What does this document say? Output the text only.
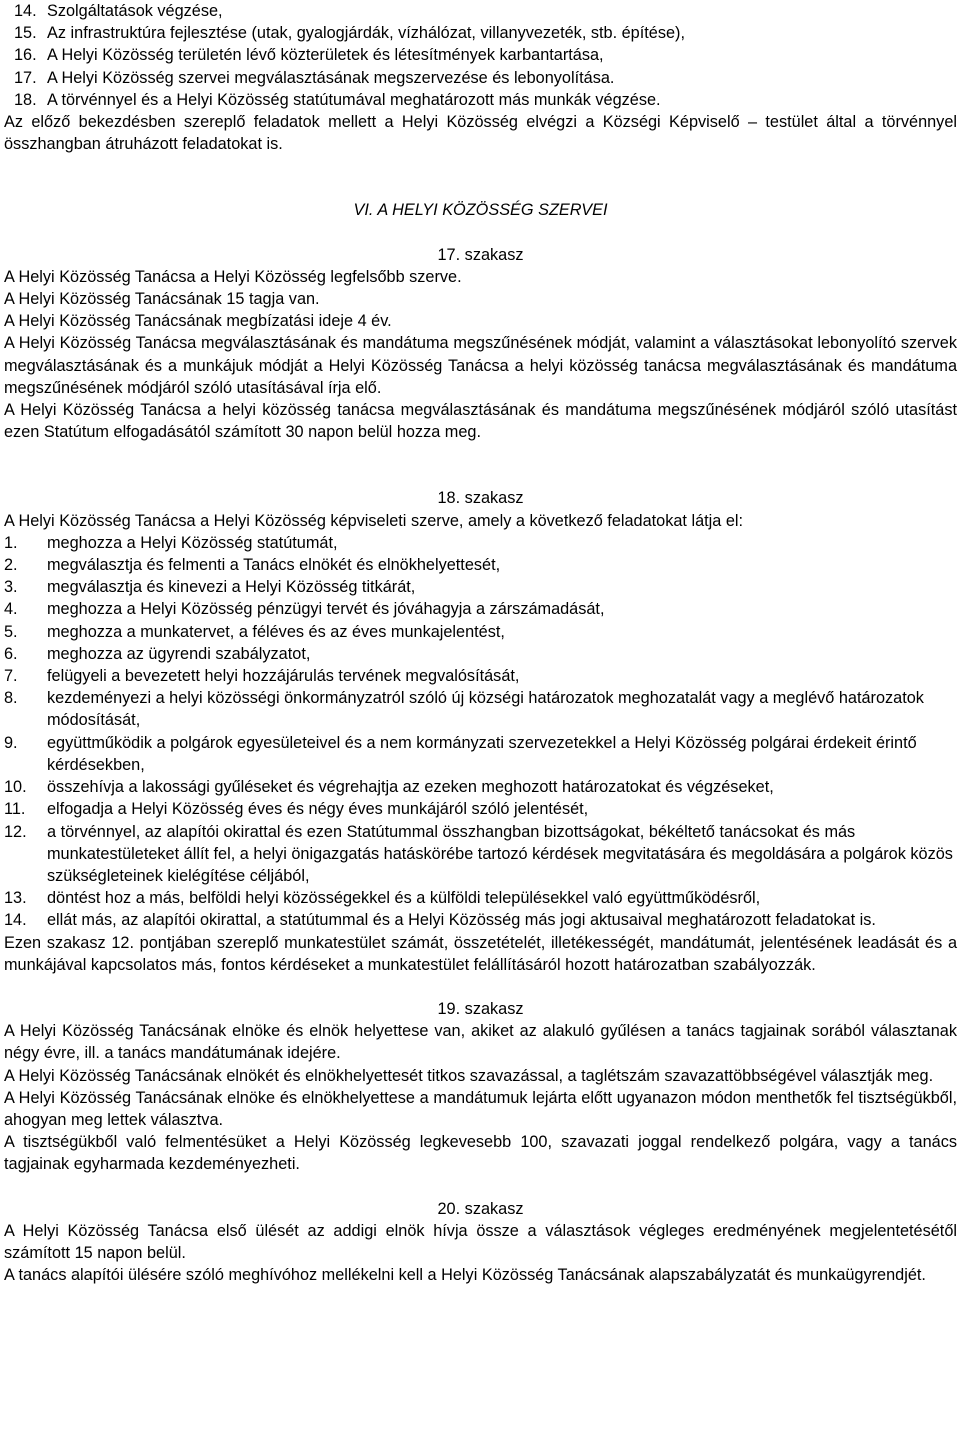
14. Szolgáltatások végzése,

15. Az infrastruktúra fejlesztése (utak, gyalogjárdák, vízhálózat, villanyvezeték, stb. építése),

16. A Helyi Közösség területén lévő közterületek és létesítmények karbantartása,

17. A Helyi Közösség szervei megválasztásának megszervezése és lebonyolítása.

18. A törvénnyel és a Helyi Közösség statútumával meghatározott más munkák végzése.

Az előző bekezdésben szereplő feladatok mellett a Helyi Közösség elvégzi a Községi Képviselő – testület által a törvénnyel összhangban átruházott feladatokat is.

VI. A HELYI KÖZÖSSÉG SZERVEI

17. szakasz

A Helyi Közösség Tanácsa a Helyi Közösség legfelsőbb szerve.

A Helyi Közösség Tanácsának 15 tagja van.

A Helyi Közösség Tanácsának megbízatási ideje 4 év.

A Helyi Közösség Tanácsa megválasztásának és mandátuma megszűnésének módját, valamint a választásokat lebonyolító szervek megválasztásának és a munkájuk módját a Helyi Közösség Tanácsa a helyi közösség tanácsa megválasztásának és mandátuma megszűnésének módjáról szóló utasításával írja elő.

A Helyi Közösség Tanácsa a helyi közösség tanácsa megválasztásának és mandátuma megszűnésének módjáról szóló utasítást ezen Statútum elfogadásától számított 30 napon belül hozza meg.

18. szakasz

A Helyi Közösség Tanácsa a Helyi Közösség képviseleti szerve, amely a következő feladatokat látja el:

1.	meghozza a Helyi Közösség statútumát,

2.	megválasztja és felmenti a Tanács elnökét és elnökhelyettesét,

3.	megválasztja és kinevezi a Helyi Közösség titkárát,

4.	meghozza a Helyi Közösség pénzügyi tervét és jóváhagyja a zárszámadását,

5.	meghozza a munkatervet, a féléves és az éves munkajelentést,

6.	meghozza az ügyrendi szabályzatot,

7.	felügyeli a bevezetett helyi hozzájárulás tervének megvalósítását,

8.	kezdeményezi a helyi közösségi önkormányzatról szóló új községi határozatok meghozatalát vagy a meglévő határozatok módosítását,

9.	együttműködik a polgárok egyesületeivel és a nem kormányzati szervezetekkel a Helyi Közösség polgárai érdekeit érintő kérdésekben,

10.	összehívja a lakossági gyűléseket és végrehajtja az ezeken meghozott határozatokat és végzéseket,

11.	elfogadja a Helyi Közösség éves és négy éves munkájáról szóló jelentését,

12.	a törvénnyel, az alapítói okirattal és ezen Statútummal összhangban bizottságokat, békéltető tanácsokat és más munkatestületeket állít fel, a helyi önigazgatás hatáskörébe tartozó kérdések megvitatására és megoldására a polgárok közös szükségleteinek kielégítése céljából,

13.	döntést hoz a más, belföldi helyi közösségekkel és a külföldi településekkel való együttműködésről,

14.	ellát más, az alapítói okirattal, a statútummal és a Helyi Közösség más jogi aktusaival meghatározott feladatokat is.

Ezen szakasz 12. pontjában szereplő munkatestület számát, összetételét, illetékességét, mandátumát, jelentésének leadását és a munkájával kapcsolatos más, fontos kérdéseket a munkatestület felállításáról hozott határozatban szabályozzák.

19. szakasz

A Helyi Közösség Tanácsának elnöke és elnök helyettese van, akiket az alakuló gyűlésen a tanács tagjainak sorából választanak négy évre, ill. a tanács mandátumának idejére.

A Helyi Közösség Tanácsának elnökét és elnökhelyettesét titkos szavazással, a taglétszám szavazattöbbségével választják meg.

A Helyi Közösség Tanácsának elnöke és elnökhelyettese a mandátumuk lejárta előtt ugyanazon módon menthetők fel tisztségükből, ahogyan meg lettek választva.

A tisztségükből való felmentésüket a Helyi Közösség legkevesebb 100, szavazati joggal rendelkező polgára, vagy a tanács tagjainak egyharmada kezdeményezheti.

20. szakasz

A Helyi Közösség Tanácsa első ülését az addigi elnök hívja össze a választások végleges eredményének megjelentetésétől számított 15 napon belül.

A tanács alapítói ülésére szóló meghívóhoz mellékelni kell a Helyi Közösség Tanácsának alapszabályzatát és munkaügyrendjét.
